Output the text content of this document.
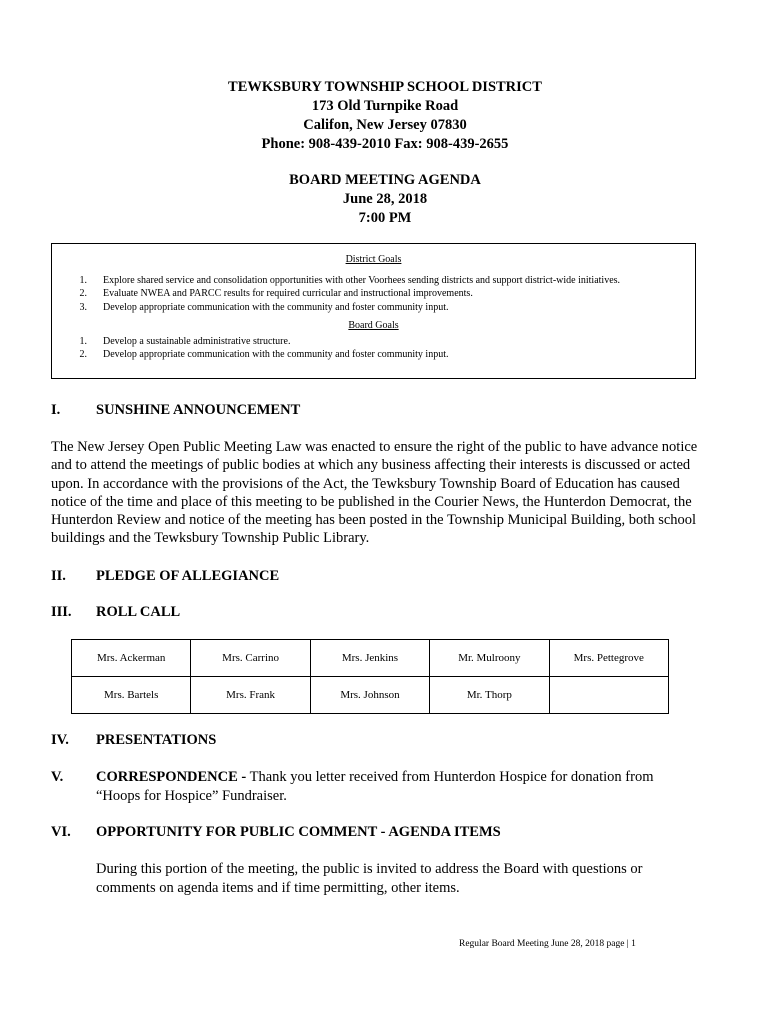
TEWKSBURY TOWNSHIP SCHOOL DISTRICT
173 Old Turnpike Road
Califon, New Jersey 07830
Phone: 908-439-2010 Fax: 908-439-2655
BOARD MEETING AGENDA
June 28, 2018
7:00 PM
District Goals
1.	Explore shared service and consolidation opportunities with other Voorhees sending districts and support district-wide initiatives.
2.	Evaluate NWEA and PARCC results for required curricular and instructional improvements.
3.	Develop appropriate communication with the community and foster community input.
Board Goals
1.	Develop a sustainable administrative structure.
2.	Develop appropriate communication with the community and foster community input.
I. SUNSHINE ANNOUNCEMENT
The New Jersey Open Public Meeting Law was enacted to ensure the right of the public to have advance notice and to attend the meetings of public bodies at which any business affecting their interests is discussed or acted upon. In accordance with the provisions of the Act, the Tewksbury Township Board of Education has caused notice of the time and place of this meeting to be published in the Courier News, the Hunterdon Democrat, the Hunterdon Review and notice of the meeting has been posted in the Township Municipal Building, both school buildings and the Tewksbury Township Public Library.
II. PLEDGE OF ALLEGIANCE
III. ROLL CALL
Mrs. Ackerman	Mrs. Carrino	Mrs. Jenkins	Mr. Mulroony	Mrs. Pettegrove
Mrs. Bartels	Mrs. Frank	Mrs. Johnson	Mr. Thorp	
IV. PRESENTATIONS
V. CORRESPONDENCE - Thank you letter received from Hunterdon Hospice for donation from
“Hoops for Hospice” Fundraiser.
VI. OPPORTUNITY FOR PUBLIC COMMENT - AGENDA ITEMS
During this portion of the meeting, the public is invited to address the Board with questions or comments on agenda items and if time permitting, other items.
Regular Board Meeting June 28, 2018 page | 1
